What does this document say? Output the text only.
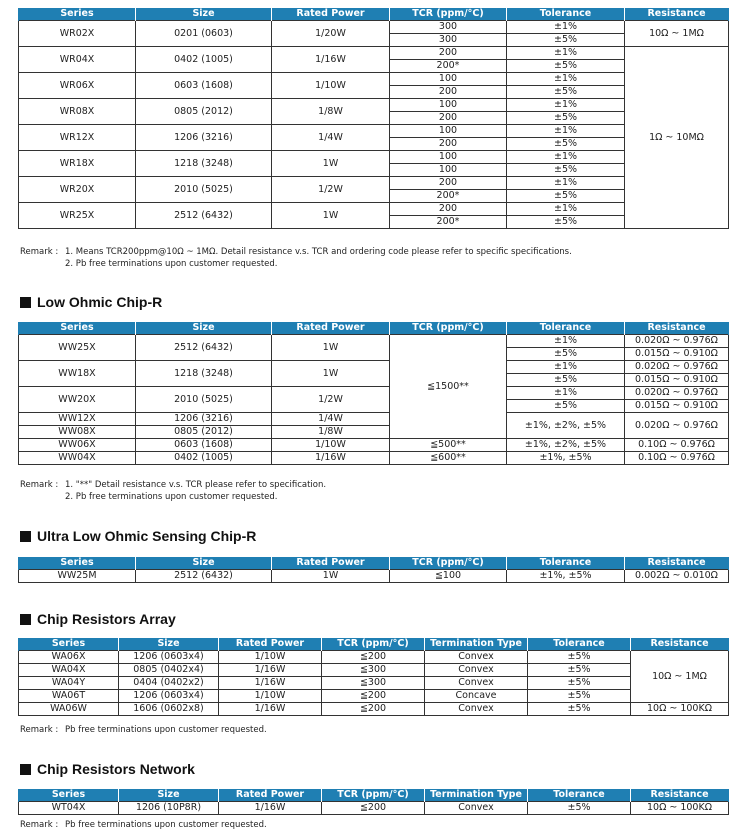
Series	Size	Rated Power	TCR (ppm/°C)	Tolerance	Resistance
WR02X	0201 (0603)	1/20W	300	±1%	10Ω ~ 1MΩ
			300	±5%	
WR04X	0402 (1005)	1/16W	200	±1%	1Ω ~ 10MΩ
			200*	±5%	
WR06X	0603 (1608)	1/10W	100	±1%	
			200	±5%	
WR08X	0805 (2012)	1/8W	100	±1%	
			200	±5%	
WR12X	1206 (3216)	1/4W	100	±1%	
			200	±5%	
WR18X	1218 (3248)	1W	100	±1%	
			100	±5%	
WR20X	2010 (5025)	1/2W	200	±1%	
			200*	±5%	
WR25X	2512 (6432)	1W	200	±1%	
			200*	±5%	
Remark : 1. Means TCR200ppm@10Ω ~ 1MΩ. Detail resistance v.s. TCR and ordering code please refer to specific specifications.
2. Pb free terminations upon customer requested.
Low Ohmic Chip-R
Series	Size	Rated Power	TCR (ppm/°C)	Tolerance	Resistance
WW25X	2512 (6432)	1W	≦1500**	±1%	0.020Ω ~ 0.976Ω
				±5%	0.015Ω ~ 0.910Ω
WW18X	1218 (3248)	1W		±1%	0.020Ω ~ 0.976Ω
				±5%	0.015Ω ~ 0.910Ω
WW20X	2010 (5025)	1/2W		±1%	0.020Ω ~ 0.976Ω
				±5%	0.015Ω ~ 0.910Ω
WW12X	1206 (3216)	1/4W		±1%, ±2%, ±5%	0.020Ω ~ 0.976Ω
WW08X	0805 (2012)	1/8W			
WW06X	0603 (1608)	1/10W	≦500**	±1%, ±2%, ±5%	0.10Ω ~ 0.976Ω
WW04X	0402 (1005)	1/16W	≦600**	±1%, ±5%	0.10Ω ~ 0.976Ω
Remark : 1. "**" Detail resistance v.s. TCR please refer to specification.
2. Pb free terminations upon customer requested.
Ultra Low Ohmic Sensing Chip-R
Series	Size	Rated Power	TCR (ppm/°C)	Tolerance	Resistance
WW25M	2512 (6432)	1W	≦100	±1%, ±5%	0.002Ω ~ 0.010Ω
Chip Resistors Array
Series	Size	Rated Power	TCR (ppm/°C)	Termination Type	Tolerance	Resistance
WA06X	1206 (0603x4)	1/10W	≦200	Convex	±5%	10Ω ~ 1MΩ
WA04X	0805 (0402x4)	1/16W	≦300	Convex	±5%	
WA04Y	0404 (0402x2)	1/16W	≦300	Convex	±5%	
WA06T	1206 (0603x4)	1/10W	≦200	Concave	±5%	
WA06W	1606 (0602x8)	1/16W	≦200	Convex	±5%	10Ω ~ 100KΩ
Remark : Pb free terminations upon customer requested.
Chip Resistors Network
Series	Size	Rated Power	TCR (ppm/°C)	Termination Type	Tolerance	Resistance
WT04X	1206 (10P8R)	1/16W	≦200	Convex	±5%	10Ω ~ 100KΩ
Remark : Pb free terminations upon customer requested.
